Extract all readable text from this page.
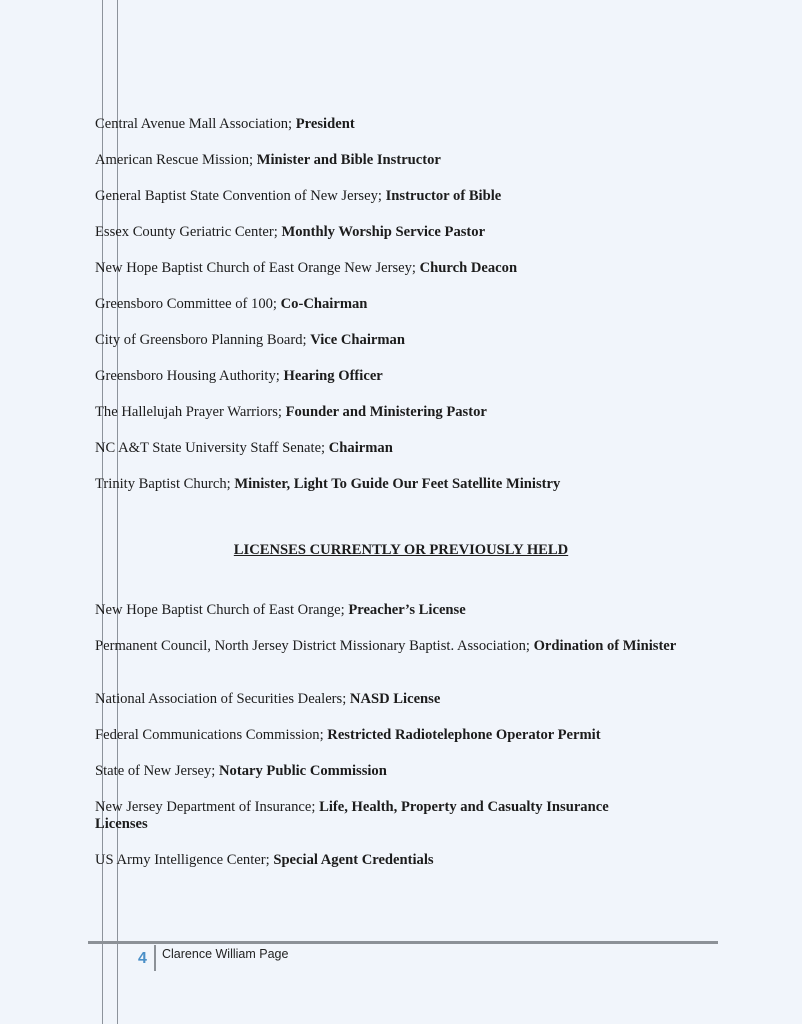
Central Avenue Mall Association; President
American Rescue Mission; Minister and Bible Instructor
General Baptist State Convention of New Jersey; Instructor of Bible
Essex County Geriatric Center; Monthly Worship Service Pastor
New Hope Baptist Church of East Orange New Jersey; Church Deacon
Greensboro Committee of 100; Co-Chairman
City of Greensboro Planning Board; Vice Chairman
Greensboro Housing Authority; Hearing Officer
The Hallelujah Prayer Warriors; Founder and Ministering Pastor
NC A&T State University Staff Senate; Chairman
Trinity Baptist Church; Minister, Light To Guide Our Feet Satellite Ministry
LICENSES CURRENTLY OR PREVIOUSLY HELD
New Hope Baptist Church of East Orange; Preacher’s License
Permanent Council, North Jersey District Missionary Baptist. Association; Ordination of Minister
National Association of Securities Dealers; NASD License
Federal Communications Commission; Restricted Radiotelephone Operator Permit
State of New Jersey; Notary Public Commission
New Jersey Department of Insurance; Life, Health, Property and Casualty Insurance Licenses
US Army Intelligence Center; Special Agent Credentials
4 Clarence William Page
